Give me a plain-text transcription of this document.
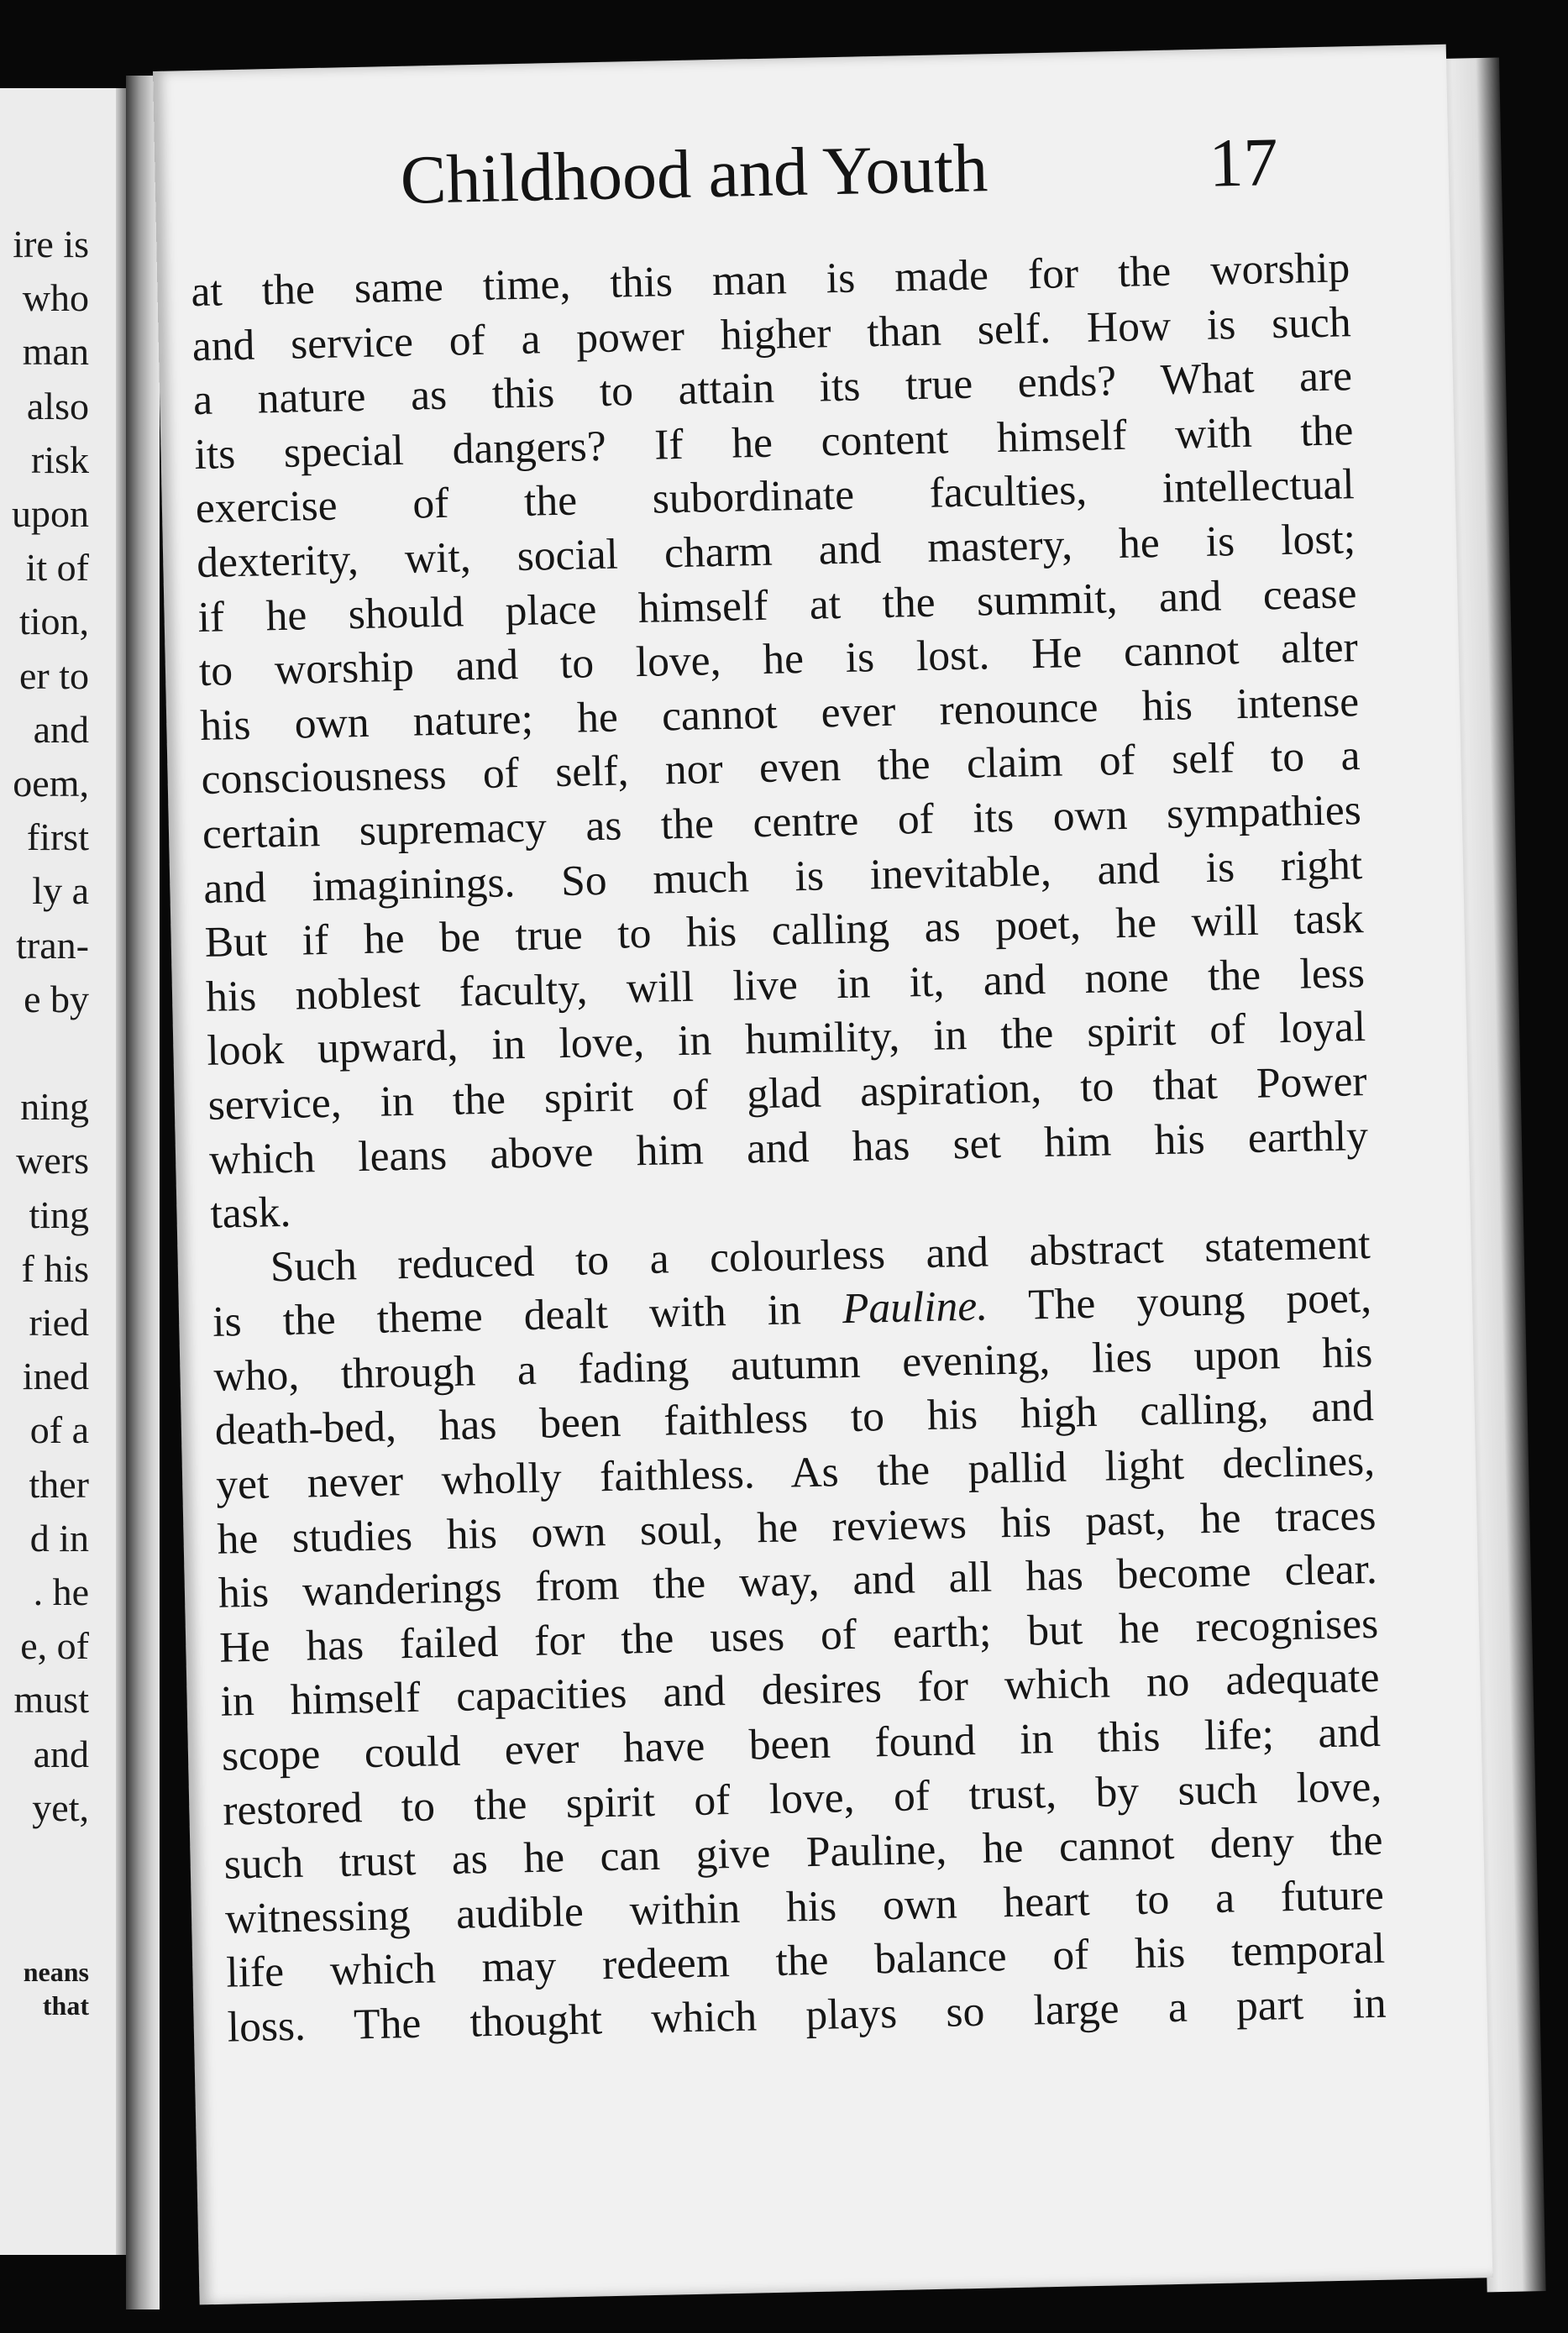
ire is
who
man
also
risk
upon
it of
tion,
er to
and
oem,
first
ly a
tran-
e by
ning
wers
ting
f his
ried
ined
of a
ther
d in
. he
e, of
must
and
yet,
neans
that
Childhood and Youth	17
at the same time, this man is made for the worship
and service of a power higher than self. How is such
a nature as this to attain its true ends? What are
its special dangers? If he content himself with the
exercise of the subordinate faculties, intellectual
dexterity, wit, social charm and mastery, he is lost;
if he should place himself at the summit, and cease
to worship and to love, he is lost. He cannot alter
his own nature; he cannot ever renounce his intense
consciousness of self, nor even the claim of self to a
certain supremacy as the centre of its own sympathies
and imaginings. So much is inevitable, and is right
But if he be true to his calling as poet, he will task
his noblest faculty, will live in it, and none the less
look upward, in love, in humility, in the spirit of loyal
service, in the spirit of glad aspiration, to that Power
which leans above him and has set him his earthly
task.
Such reduced to a colourless and abstract statement
is the theme dealt with in Pauline. The young poet,
who, through a fading autumn evening, lies upon his
death-bed, has been faithless to his high calling, and
yet never wholly faithless. As the pallid light declines,
he studies his own soul, he reviews his past, he traces
his wanderings from the way, and all has become clear.
He has failed for the uses of earth; but he recognises
in himself capacities and desires for which no adequate
scope could ever have been found in this life; and
restored to the spirit of love, of trust, by such love,
such trust as he can give Pauline, he cannot deny the
witnessing audible within his own heart to a future
life which may redeem the balance of his temporal
loss. The thought which plays so large a part in
